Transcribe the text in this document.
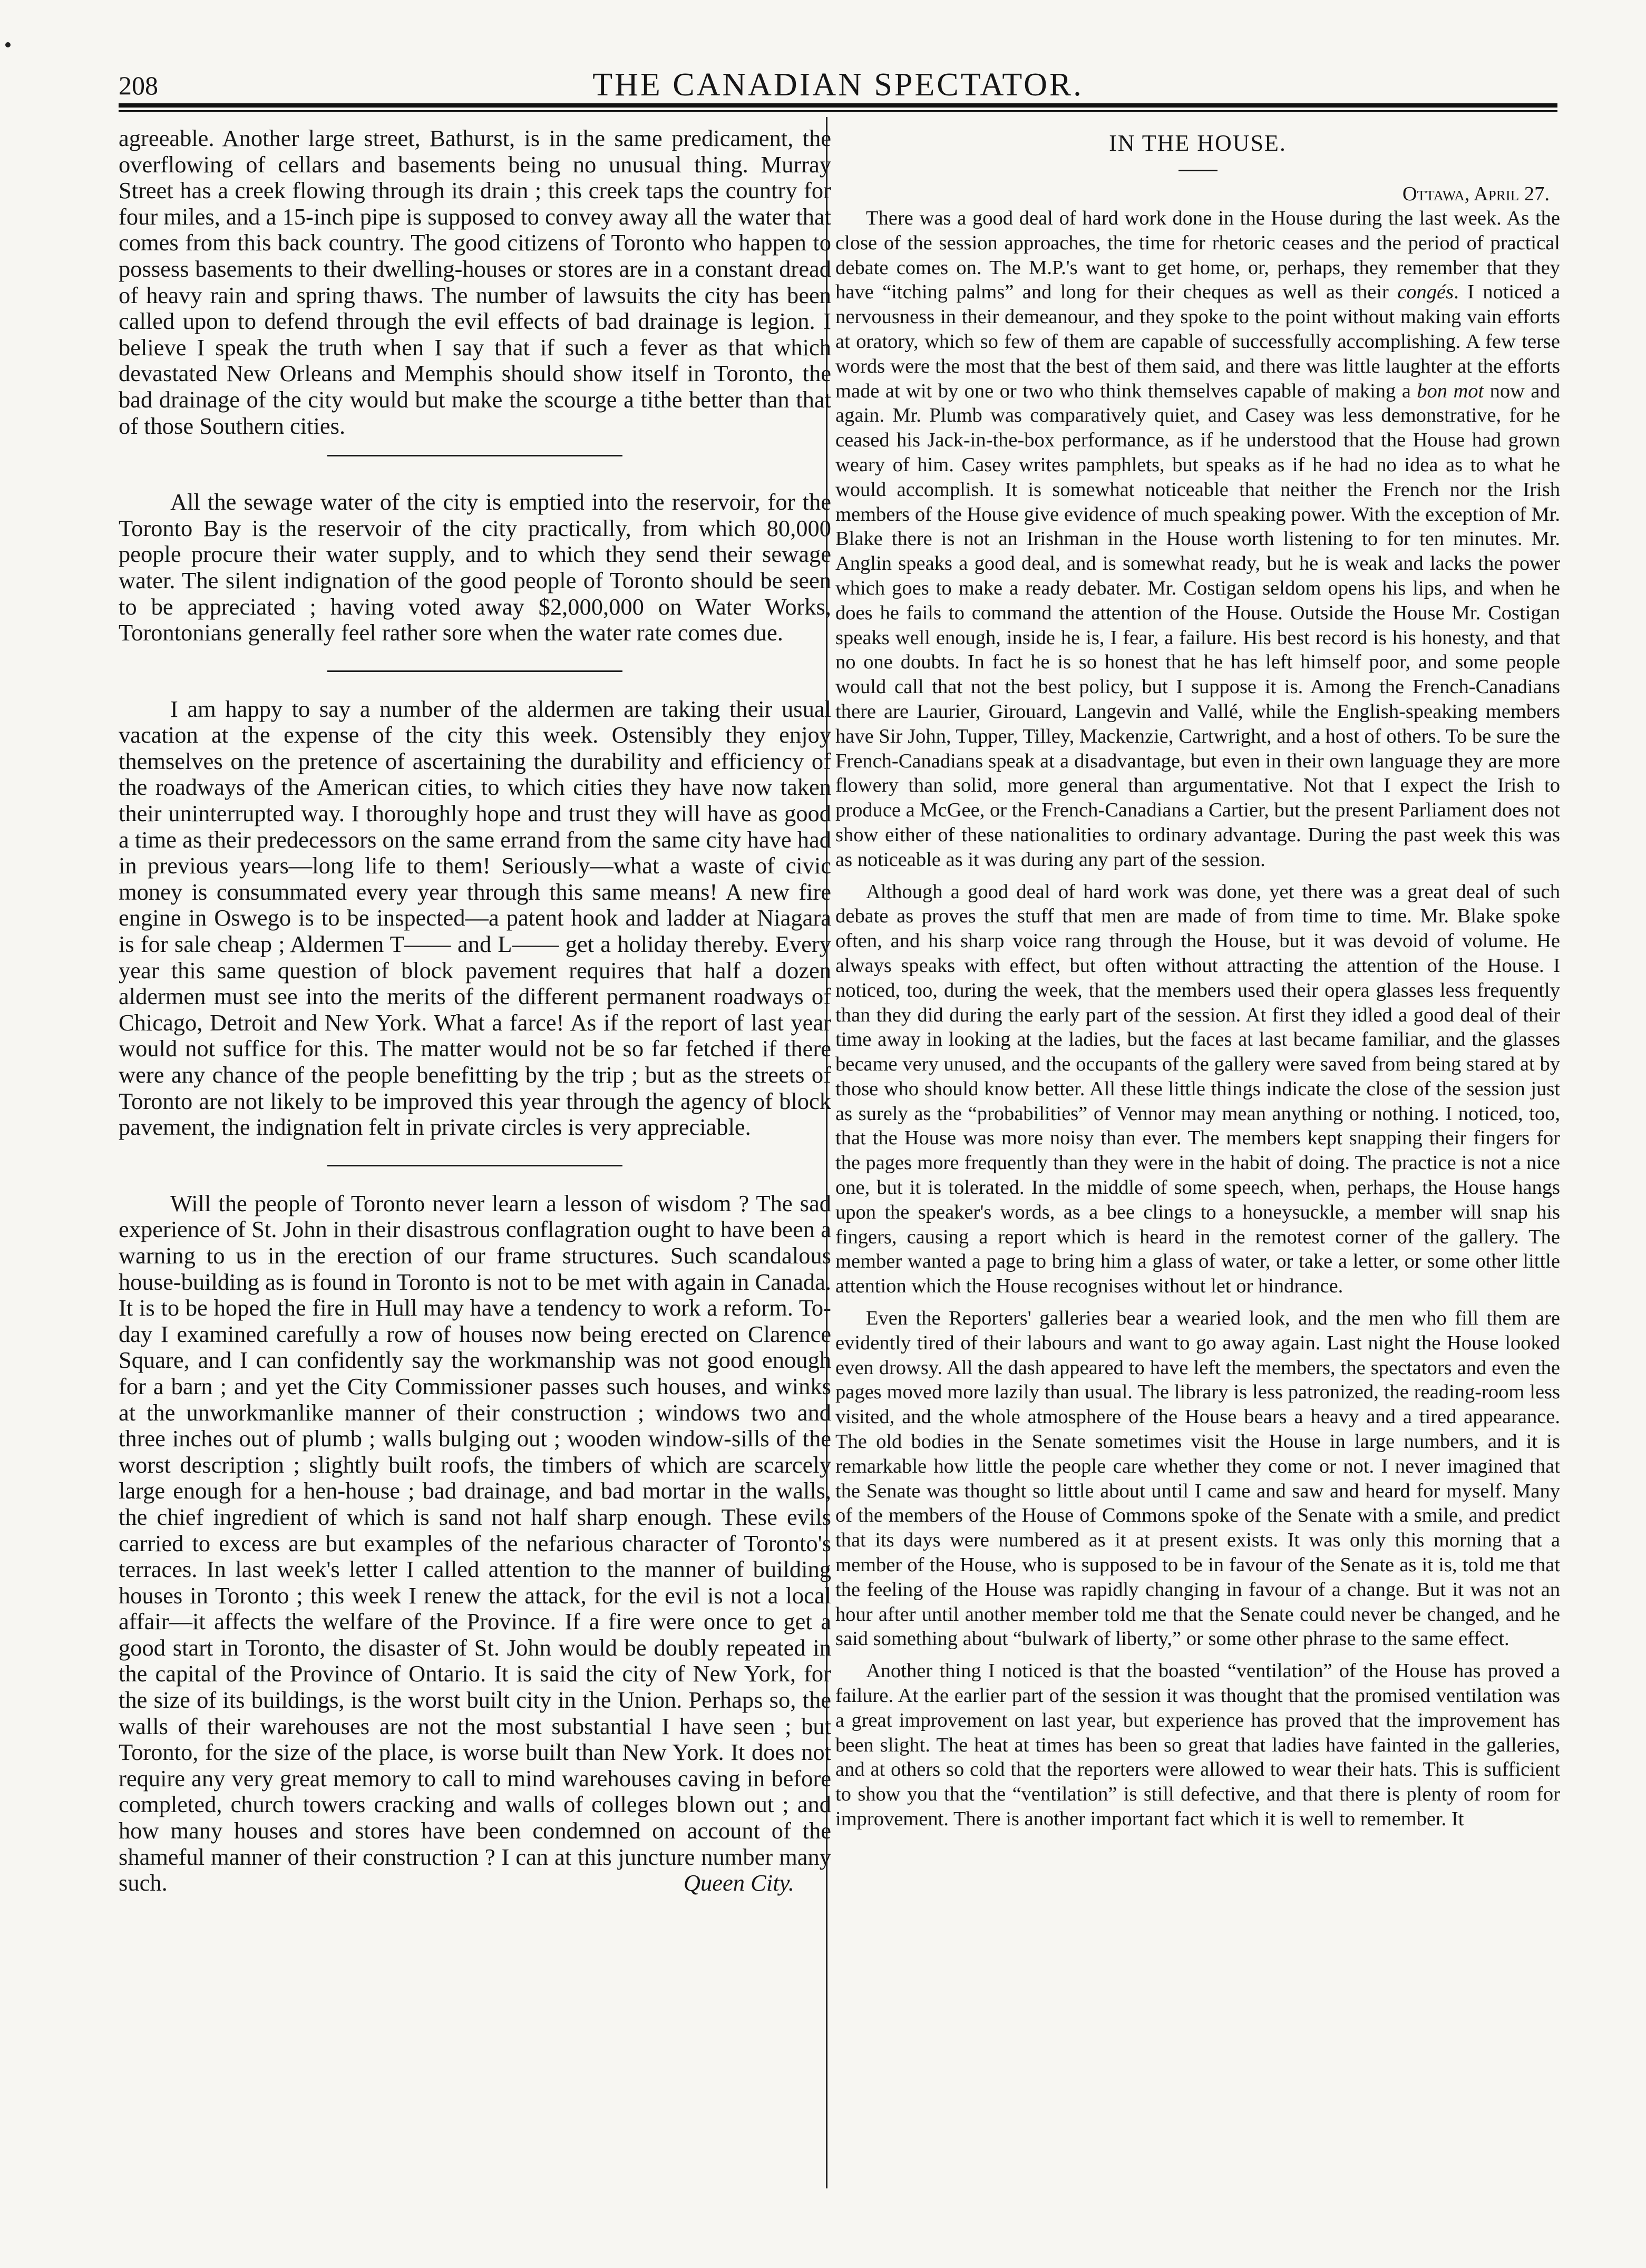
208	THE CANADIAN SPECTATOR.

agreeable. Another large street, Bathurst, is in the same predicament, the overflowing of cellars and basements being no unusual thing. Murray Street has a creek flowing through its drain ; this creek taps the country for four miles, and a 15-inch pipe is supposed to convey away all the water that comes from this back country. The good citizens of Toronto who happen to possess basements to their dwelling-houses or stores are in a constant dread of heavy rain and spring thaws. The number of lawsuits the city has been called upon to defend through the evil effects of bad drainage is legion. I believe I speak the truth when I say that if such a fever as that which devastated New Orleans and Memphis should show itself in Toronto, the bad drainage of the city would but make the scourge a tithe better than that of those Southern cities.

All the sewage water of the city is emptied into the reservoir, for the Toronto Bay is the reservoir of the city practically, from which 80,000 people procure their water supply, and to which they send their sewage water. The silent indignation of the good people of Toronto should be seen to be appreciated ; having voted away $2,000,000 on Water Works, Torontonians generally feel rather sore when the water rate comes due.

I am happy to say a number of the aldermen are taking their usual vacation at the expense of the city this week. Ostensibly they enjoy themselves on the pretence of ascertaining the durability and efficiency of the roadways of the American cities, to which cities they have now taken their uninterrupted way. I thoroughly hope and trust they will have as good a time as their predecessors on the same errand from the same city have had in previous years—long life to them! Seriously—what a waste of civic money is consummated every year through this same means! A new fire engine in Oswego is to be inspected—a patent hook and ladder at Niagara is for sale cheap ; Aldermen T—— and L—— get a holiday thereby. Every year this same question of block pavement requires that half a dozen aldermen must see into the merits of the different permanent roadways of Chicago, Detroit and New York. What a farce! As if the report of last year would not suffice for this. The matter would not be so far fetched if there were any chance of the people benefitting by the trip ; but as the streets of Toronto are not likely to be improved this year through the agency of block pavement, the indignation felt in private circles is very appreciable.

Will the people of Toronto never learn a lesson of wisdom ? The sad experience of St. John in their disastrous conflagration ought to have been a warning to us in the erection of our frame structures. Such scandalous house-building as is found in Toronto is not to be met with again in Canada. It is to be hoped the fire in Hull may have a tendency to work a reform. To-day I examined carefully a row of houses now being erected on Clarence Square, and I can confidently say the workmanship was not good enough for a barn ; and yet the City Commissioner passes such houses, and winks at the unworkmanlike manner of their construction ; windows two and three inches out of plumb ; walls bulging out ; wooden window-sills of the worst description ; slightly built roofs, the timbers of which are scarcely large enough for a hen-house ; bad drainage, and bad mortar in the walls, the chief ingredient of which is sand not half sharp enough. These evils carried to excess are but examples of the nefarious character of Toronto's terraces. In last week's letter I called attention to the manner of building houses in Toronto ; this week I renew the attack, for the evil is not a local affair—it affects the welfare of the Province. If a fire were once to get a good start in Toronto, the disaster of St. John would be doubly repeated in the capital of the Province of Ontario. It is said the city of New York, for the size of its buildings, is the worst built city in the Union. Perhaps so, the walls of their warehouses are not the most substantial I have seen ; but Toronto, for the size of the place, is worse built than New York. It does not require any very great memory to call to mind warehouses caving in before completed, church towers cracking and walls of colleges blown out ; and how many houses and stores have been condemned on account of the shameful manner of their construction ? I can at this juncture number many such.	Queen City.
IN THE HOUSE.
Ottawa, April 27.

There was a good deal of hard work done in the House during the last week. As the close of the session approaches, the time for rhetoric ceases and the period of practical debate comes on. The M.P.'s want to get home, or, perhaps, they remember that they have “itching palms” and long for their cheques as well as their congés. I noticed a nervousness in their demeanour, and they spoke to the point without making vain efforts at oratory, which so few of them are capable of successfully accomplishing. A few terse words were the most that the best of them said, and there was little laughter at the efforts made at wit by one or two who think themselves capable of making a bon mot now and again. Mr. Plumb was comparatively quiet, and Casey was less demonstrative, for he ceased his Jack-in-the-box performance, as if he understood that the House had grown weary of him. Casey writes pamphlets, but speaks as if he had no idea as to what he would accomplish. It is somewhat noticeable that neither the French nor the Irish members of the House give evidence of much speaking power. With the exception of Mr. Blake there is not an Irishman in the House worth listening to for ten minutes. Mr. Anglin speaks a good deal, and is somewhat ready, but he is weak and lacks the power which goes to make a ready debater. Mr. Costigan seldom opens his lips, and when he does he fails to command the attention of the House. Outside the House Mr. Costigan speaks well enough, inside he is, I fear, a failure. His best record is his honesty, and that no one doubts. In fact he is so honest that he has left himself poor, and some people would call that not the best policy, but I suppose it is. Among the French-Canadians there are Laurier, Girouard, Langevin and Vallé, while the English-speaking members have Sir John, Tupper, Tilley, Mackenzie, Cartwright, and a host of others. To be sure the French-Canadians speak at a disadvantage, but even in their own language they are more flowery than solid, more general than argumentative. Not that I expect the Irish to produce a McGee, or the French-Canadians a Cartier, but the present Parliament does not show either of these nationalities to ordinary advantage. During the past week this was as noticeable as it was during any part of the session.

Although a good deal of hard work was done, yet there was a great deal of such debate as proves the stuff that men are made of from time to time. Mr. Blake spoke often, and his sharp voice rang through the House, but it was devoid of volume. He always speaks with effect, but often without attracting the attention of the House. I noticed, too, during the week, that the members used their opera glasses less frequently than they did during the early part of the session. At first they idled a good deal of their time away in looking at the ladies, but the faces at last became familiar, and the glasses became very unused, and the occupants of the gallery were saved from being stared at by those who should know better. All these little things indicate the close of the session just as surely as the “probabilities” of Vennor may mean anything or nothing. I noticed, too, that the House was more noisy than ever. The members kept snapping their fingers for the pages more frequently than they were in the habit of doing. The practice is not a nice one, but it is tolerated. In the middle of some speech, when, perhaps, the House hangs upon the speaker's words, as a bee clings to a honeysuckle, a member will snap his fingers, causing a report which is heard in the remotest corner of the gallery. The member wanted a page to bring him a glass of water, or take a letter, or some other little attention which the House recognises without let or hindrance.

Even the Reporters' galleries bear a wearied look, and the men who fill them are evidently tired of their labours and want to go away again. Last night the House looked even drowsy. All the dash appeared to have left the members, the spectators and even the pages moved more lazily than usual. The library is less patronized, the reading-room less visited, and the whole atmosphere of the House bears a heavy and a tired appearance. The old bodies in the Senate sometimes visit the House in large numbers, and it is remarkable how little the people care whether they come or not. I never imagined that the Senate was thought so little about until I came and saw and heard for myself. Many of the members of the House of Commons spoke of the Senate with a smile, and predict that its days were numbered as it at present exists. It was only this morning that a member of the House, who is supposed to be in favour of the Senate as it is, told me that the feeling of the House was rapidly changing in favour of a change. But it was not an hour after until another member told me that the Senate could never be changed, and he said something about “bulwark of liberty,” or some other phrase to the same effect.

Another thing I noticed is that the boasted “ventilation” of the House has proved a failure. At the earlier part of the session it was thought that the promised ventilation was a great improvement on last year, but experience has proved that the improvement has been slight. The heat at times has been so great that ladies have fainted in the galleries, and at others so cold that the reporters were allowed to wear their hats. This is sufficient to show you that the “ventilation” is still defective, and that there is plenty of room for improvement. There is another important fact which it is well to remember. It
